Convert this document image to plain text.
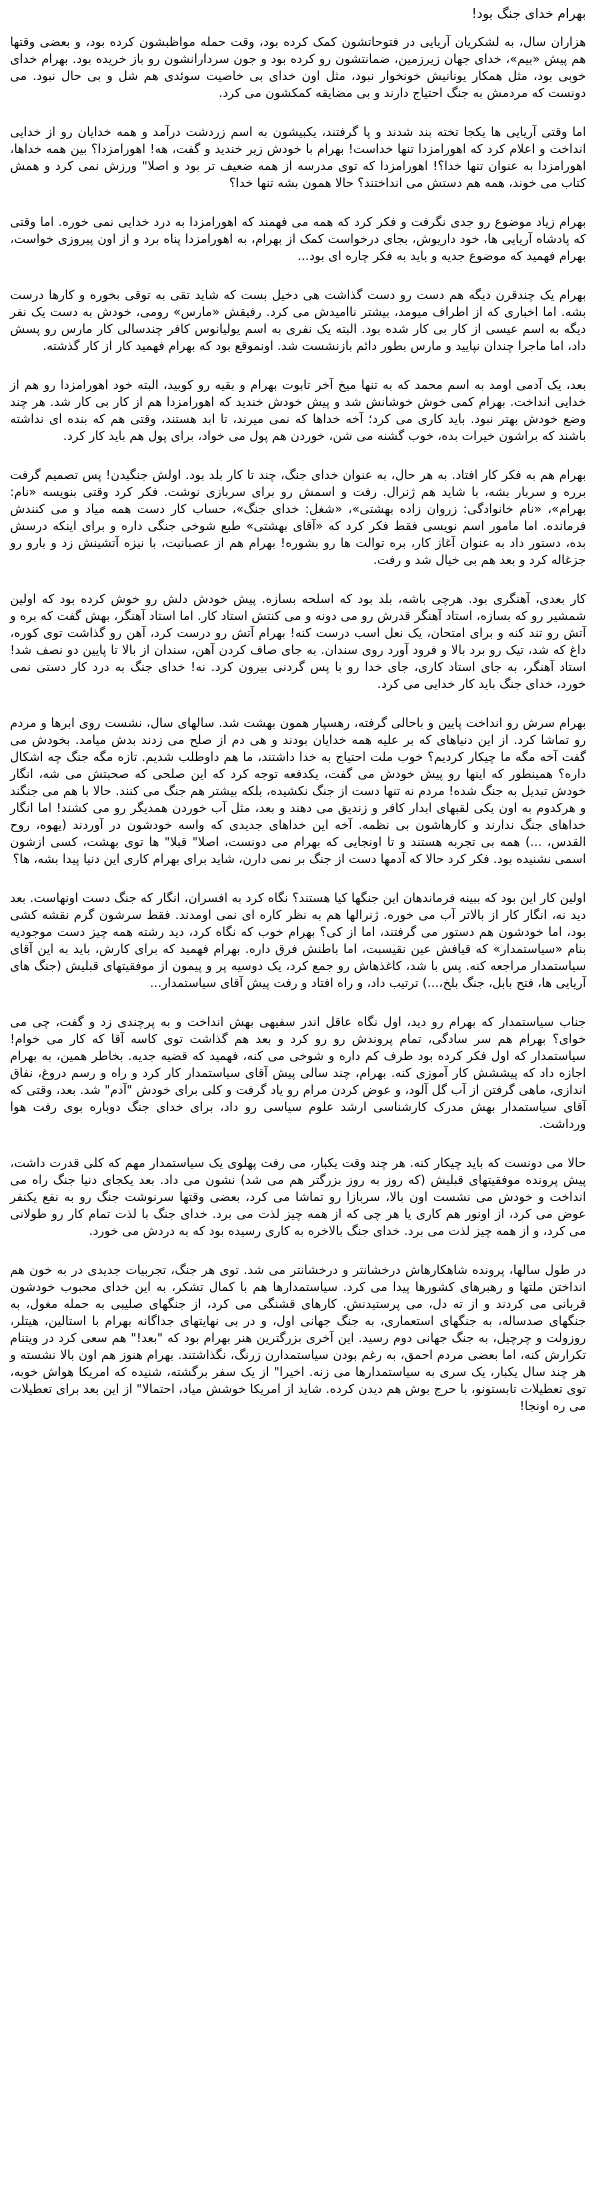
بهرام خدای جنگ بود!
هزاران سال، به لشکریان آریایی در فتوحاتشون کمک کرده بود، وقت حمله مواظبشون کرده بود، و بعضی وقتها هم پیش «بیم»، خدای جهان زیرزمین، ضمانتشون رو کرده بود و جون سردارانشون رو باز خریده بود. بهرام خدای خوبی بود، مثل همکار یونانیش خونخوار نبود، مثل اون خدای بی خاصیت سوئدی هم شل و بی حال نبود. می دونست که مردمش به جنگ احتیاج دارند و بی مضایقه کمکشون می کرد.
اما وقتی آریایی ها یکجا تخته بند شدند و پا گرفتند، یکبیشون به اسم زردشت درآمد و همه خدایان رو از خدایی انداخت و اعلام کرد که اهورامزدا تنها خداست! بهرام با خودش زیر خندید و گفت، هه! اهورامزدا؟ بین همه خداها، اهورامزدا به عنوان تنها خدا؟! اهورامزدا که توی مدرسه از همه ضعیف تر بود و اصلا" ورزش نمی کرد و همش کتاب می خوند، همه هم دستش می انداختند؟ حالا همون بشه تنها خدا؟
بهرام زیاد موضوع رو جدی نگرفت و فکر کرد که همه می فهمند که اهورامزدا به درد خدایی نمی خوره. اما وقتی که پادشاه آریایی ها، خود داریوش، بجای درخواست کمک از بهرام، به اهورامزدا پناه برد و از اون پیروزی خواست، بهرام فهمید که موضوع جدیه و باید به فکر چاره ای بود...
بهرام یک چندقرن دیگه هم دست رو دست گذاشت هی دخیل بست که شاید تقی به توقی بخوره و کارها درست بشه. اما اخباری که از اطراف میومد، بیشتر ناامیدش می کرد. رفیقش «مارس» رومی، خودش به دست یک نفر دیگه به اسم عیسی از کار بی کار شده بود. البته یک نفری به اسم یولیانوس کافر چندسالی کار مارس رو پسش داد، اما ماجرا چندان نپایید و مارس بطور دائم بازنشست شد. اونموقع بود که بهرام فهمید کار از کار گذشته.
بعد، یک آدمی اومد به اسم محمد که به تنها میخ آخر تابوت بهرام و بقیه رو کوبید، البته خود اهورامزدا رو هم از خدایی انداخت. بهرام کمی خوش خوشانش شد و پیش خودش خندید که اهورامزدا هم از کار بی کار شد. هر چند وضع خودش بهتر نبود. باید کاری می کرد؛ آخه خداها که نمی میرند، تا ابد هستند، وقتی هم که بنده ای نداشته باشند که براشون خیرات بده، خوب گشنه می شن، خوردن هم پول می خواد، برای پول هم باید کار کرد.
بهرام هم به فکر کار افتاد. به هر حال، به عنوان خدای جنگ، چند تا کار بلد بود. اولش جنگیدن! پس تصمیم گرفت برره و سربار بشه، با شاید هم ژنرال. رفت و اسمش رو برای سربازی نوشت. فکر کرد وقتی بنویسه «نام: بهرام»، «نام خانوادگی: زروان زاده بهشتی»، «شغل: خدای جنگ»، حساب کار دست همه میاد و می کنندش فرمانده. اما مامور اسم نویسی فقط فکر کرد که «آقای بهشتی» طبع شوخی جنگی داره و برای اینکه درسش بده، دستور داد به عنوان آغاز کار، بره توالت ها رو بشوره! بهرام هم از عصبانیت، با نیزه آتشینش زد و بارو رو جزغاله کرد و بعد هم بی خیال شد و رفت.
کار بعدی، آهنگری بود. هرچی باشه، بلد بود که اسلحه بسازه. پیش خودش دلش رو خوش کرده بود که اولین شمشیر رو که بسازه، استاد آهنگر قدرش رو می دونه و می کنتش استاد کار. اما استاد آهنگر، بهش گفت که بره و آتش رو تند کنه و برای امتحان، یک نعل اسب درست کنه! بهرام آتش رو درست کرد، آهن رو گذاشت توی کوره، داغ که شد، تیک رو برد بالا و فرود آورد روی سندان. به جای صاف کردن آهن، سندان از بالا تا پایین دو نصف شد! استاد آهنگر، به جای استاد کاری، جای خدا رو با پس گردنی بیرون کرد. نه! خدای جنگ به درد کار دستی نمی خورد، خدای جنگ باید کار خدایی می کرد.
بهرام سرش رو انداخت پایین و باحالی گرفته، رهسپار همون بهشت شد. سالهای سال، نشست روی ابرها و مردم رو تماشا کرد. از این دنیاهای که بر علیه همه خدایان بودند و هی دم از صلح می زدند بدش میامد. بخودش می گفت آخه مگه ما چیکار کردیم؟ خوب ملت احتیاج به خدا داشتند، ما هم داوطلب شدیم. تازه مگه جنگ چه اشکال داره؟ همینطور که اینها رو پیش خودش می گفت، یکدفعه توجه کرد که این صلحی که صحبتش می شه، انگار خودش تبدیل به جنگ شده! مردم نه تنها دست از جنگ نکشیده، بلکه بیشتر هم جنگ می کنند. حالا با هم می جنگند و هرکدوم به اون یکی لقبهای ابدار کافر و زندیق می دهند و بعد، مثل آب خوردن همدیگر رو می کشند! اما انگار خداهای جنگ ندارند و کارهاشون بی نظمه. آخه این خداهای جدیدی که واسه خودشون در آوردند (یهوه، روح القدس، ...) همه بی تجربه هستند و تا اونجایی که بهرام می دونست، اصلا" قبلا" ها توی بهشت، کسی ازشون اسمی نشنیده بود. فکر کرد حالا که آدمها دست از جنگ بر نمی دارن، شاید برای بهرام کاری این دنیا پیدا بشه، ها؟
اولین کار این بود که ببینه فرماندهان این جنگها کیا هستند؟ نگاه کرد به افسران، انگار که جنگ دست اونهاست. بعد دید نه، انگار کار از بالاتر آب می خوره. ژنرالها هم به نظر کاره ای نمی اومدند. فقط سرشون گرم نقشه کشی بود، اما خودشون هم دستور می گرفتند، اما از کی؟ بهرام خوب که نگاه کرد، دید رشته همه چیز دست موجودیه بنام «سیاستمدار» که قیافش عین نقیسبت، اما باطنش فرق داره. بهرام فهمید که برای کارش، باید به این آقای سیاستمدار مراجعه کنه. پس با شد، کاغذهاش رو جمع کرد، یک دوسیه پر و پیمون از موفقیتهای قبلیش (جنگ های آریایی ها، فتح بابل، جنگ بلخ،...) ترتیب داد، و راه افتاد و رفت پیش آقای سیاستمدار...
جناب سیاستمدار که بهرام رو دید، اول نگاه عاقل اندر سفیهی بهش انداخت و به پرچندی زد و گفت، چی می خوای؟ بهرام هم سر سادگی، تمام پروندش رو رو کرد و بعد هم گذاشت توی کاسه آقا که کار می خوام! سیاستمدار که اول فکر کرده بود طرف کم داره و شوخی می کنه، فهمید که قضیه جدیه. بخاطر همین، به بهرام اجازه داد که پیششش کار آموزی کنه. بهرام، چند سالی پیش آقای سیاستمدار کار کرد و راه و رسم دروغ، نفاق اندازی، ماهی گرفتن از آب گل آلود، و عوض کردن مرام رو یاد گرفت و کلی برای خودش "آدم" شد. بعد، وقتی که آقای سیاستمدار بهش مدرک کارشناسی ارشد علوم سیاسی رو داد، برای خدای جنگ دوباره بوی رفت هوا ورداشت.
حالا می دونست که باید چیکار کنه. هر چند وقت یکبار، می رفت پهلوی یک سیاستمدار مهم که کلی قدرت داشت، پیش پرونده موفقیتهای قبلیش (که روز به روز بزرگتر هم می شد) نشون می داد. بعد یکجای دنیا جنگ راه می انداخت و خودش می نشست اون بالا، سربازا رو تماشا می کرد، بعضی وقتها سرنوشت جنگ رو به نفع یکنفر عوض می کرد، از اونور هم کاری یا هر چی که از همه چیز لذت می برد. خدای جنگ با لذت تمام کار رو طولانی می کرد، و از همه چیز لذت می برد. خدای جنگ بالاخره به کاری رسیده بود که به دردش می خورد.
در طول سالها، پرونده شاهکارهاش درخشانتر و درخشانتر می شد. توی هر جنگ، تجربیات جدیدی در به خون هم انداختن ملتها و رهبرهای کشورها پیدا می کرد. سیاستمدارها هم با کمال تشکر، به این خدای محبوب خودشون قربانی می کردند و از ته دل، می پرستیدنش. کارهای قشنگی می کرد، از جنگهای صلیبی به حمله مغول، به جنگهای صدساله، به جنگهای استعماری، به جنگ جهانی اول، و در بی نهایتهای جداگانه بهرام با استالین، هیتلر، روزولت و چرچیل، به جنگ جهانی دوم رسید. این آخری بزرگترین هنر بهرام بود که "بعد!" هم سعی کرد در ویتنام تکرارش کنه، اما بعضی مردم احمق، به رغم بودن سیاستمدارن زرنگ، نگذاشتند. بهرام هنوز هم اون بالا نشسته و هر چند سال یکبار، یک سری به سیاستمدارها می زنه. اخیرا" از یک سفر برگشته، شنیده که امریکا هواش خوبه، توی تعطیلات تابستونو، با حرج بوش هم دیدن کرده. شاید از امریکا خوشش میاد، احتمالا" از این بعد برای تعطیلات می ره اونجا!
